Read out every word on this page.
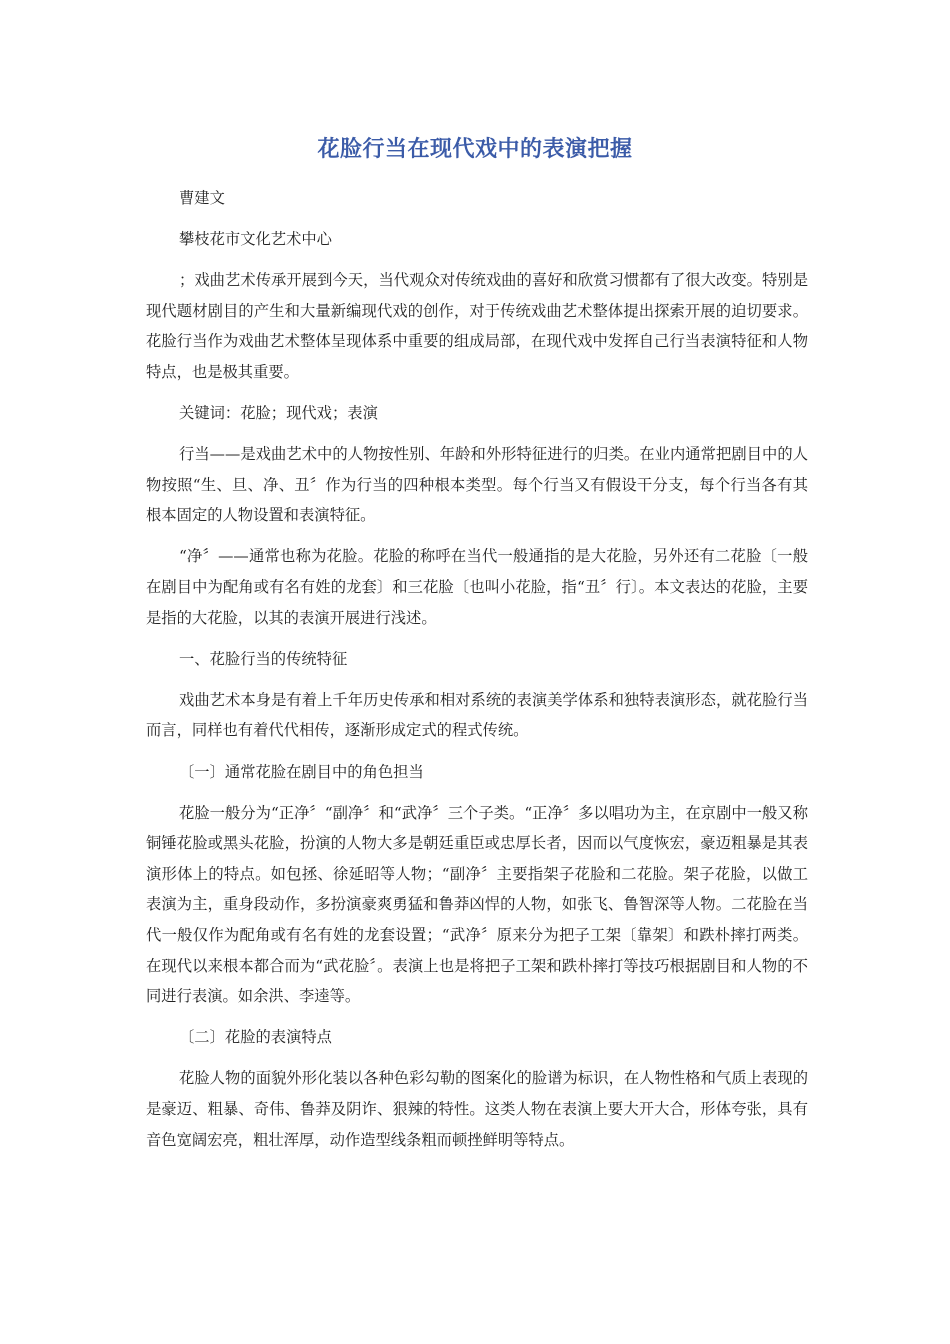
花脸行当在现代戏中的表演把握

曹建文

攀枝花市文化艺术中心

；戏曲艺术传承开展到今天，当代观众对传统戏曲的喜好和欣赏习惯都有了很大改变。特别是现代题材剧目的产生和大量新编现代戏的创作，对于传统戏曲艺术整体提出探索开展的迫切要求。花脸行当作为戏曲艺术整体呈现体系中重要的组成局部，在现代戏中发挥自己行当表演特征和人物特点，也是极其重要。

关键词：花脸；现代戏；表演

行当——是戏曲艺术中的人物按性别、年龄和外形特征进行的归类。在业内通常把剧目中的人物按照“生、旦、净、丑〞作为行当的四种根本类型。每个行当又有假设干分支，每个行当各有其根本固定的人物设置和表演特征。

“净〞——通常也称为花脸。花脸的称呼在当代一般通指的是大花脸，另外还有二花脸〔一般在剧目中为配角或有名有姓的龙套〕和三花脸〔也叫小花脸，指“丑〞行〕。本文表达的花脸，主要是指的大花脸，以其的表演开展进行浅述。

一、花脸行当的传统特征

戏曲艺术本身是有着上千年历史传承和相对系统的表演美学体系和独特表演形态，就花脸行当而言，同样也有着代代相传，逐渐形成定式的程式传统。

〔一〕通常花脸在剧目中的角色担当

花脸一般分为“正净〞“副净〞和“武净〞三个子类。“正净〞多以唱功为主，在京剧中一般又称铜锤花脸或黑头花脸，扮演的人物大多是朝廷重臣或忠厚长者，因而以气度恢宏，豪迈粗暴是其表演形体上的特点。如包拯、徐延昭等人物；“副净〞主要指架子花脸和二花脸。架子花脸，以做工表演为主，重身段动作，多扮演豪爽勇猛和鲁莽凶悍的人物，如张飞、鲁智深等人物。二花脸在当代一般仅作为配角或有名有姓的龙套设置；“武净〞原来分为把子工架〔靠架〕和跌朴摔打两类。在现代以来根本都合而为“武花脸〞。表演上也是将把子工架和跌朴摔打等技巧根据剧目和人物的不同进行表演。如余洪、李逵等。

〔二〕花脸的表演特点

花脸人物的面貌外形化装以各种色彩勾勒的图案化的脸谱为标识，在人物性格和气质上表现的是豪迈、粗暴、奇伟、鲁莽及阴诈、狠辣的特性。这类人物在表演上要大开大合，形体夸张，具有音色宽阔宏亮，粗壮浑厚，动作造型线条粗而顿挫鲜明等特点。
